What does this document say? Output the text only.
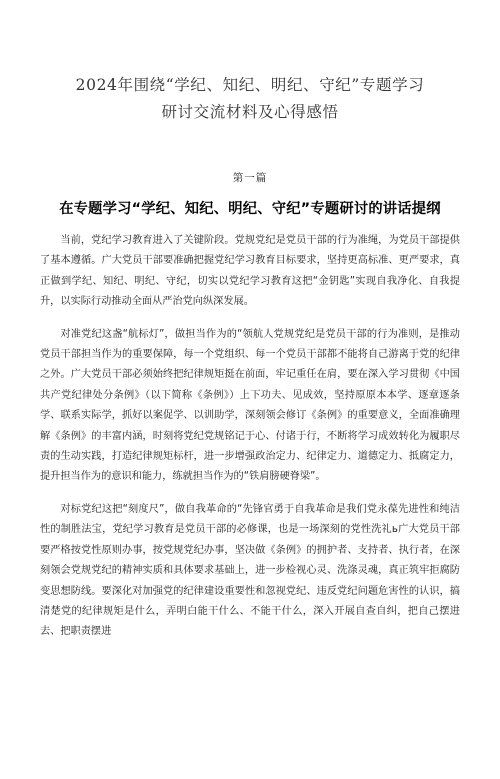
2024年围绕“学纪、知纪、明纪、守纪”专题学习
研讨交流材料及心得感悟
第一篇
在专题学习“学纪、知纪、明纪、守纪”专题研讨的讲话提纲

当前，党纪学习教育进入了关键阶段。党规党纪是党员干部的行为准绳，为党员干部提供了基本遵循。广大党员干部要准确把握党纪学习教育目标要求，坚持更高标准、更严要求，真正做到学纪、知纪、明纪、守纪，切实以党纪学习教育这把“金钥匙”实现自我净化、自我提升，以实际行动推动全面从严治党向纵深发展。

对准党纪这盏“航标灯”，做担当作为的“领航人党规党纪是党员干部的行为准则，是推动党员干部担当作为的重要保障，每一个党组织、每一个党员干部都不能将自己游离于党的纪律之外。广大党员干部必须始终把纪律规矩挺在前面，牢记重任在肩，要在深入学习贯彻《中国共产党纪律处分条例》（以下简称《条例》）上下功夫、见成效，坚持原原本本学、逐章逐条学、联系实际学，抓好以案促学、以训助学，深刻领会修订《条例》的重要意义，全面准确理解《条例》的丰富内涵，时刻将党纪党规铭记于心、付诸于行，不断将学习成效转化为履职尽责的生动实践，打造纪律规矩标杆，进一步增强政治定力、纪律定力、道德定力、抵腐定力，提升担当作为的意识和能力，练就担当作为的“铁肩膀硬脊梁”。

对标党纪这把“刻度尺”，做自我革命的“先锋官勇于自我革命是我们党永葆先进性和纯洁性的制胜法宝，党纪学习教育是党员干部的必修课，也是一场深刻的党性洗礼ь广大党员干部要严格按党性原则办事，按党规党纪办事，坚决做《条例》的拥护者、支持者、执行者，在深刻领会党规党纪的精神实质和具体要求基础上，进一步检视心灵、洗涤灵魂，真正筑牢拒腐防变思想防线。要深化对加强党的纪律建设重要性和忽视党纪、违反党纪问题危害性的认识，搞清楚党的纪律规矩是什么，弄明白能干什么、不能干什么，深入开展自查自纠，把自己摆进去、把职责摆进
